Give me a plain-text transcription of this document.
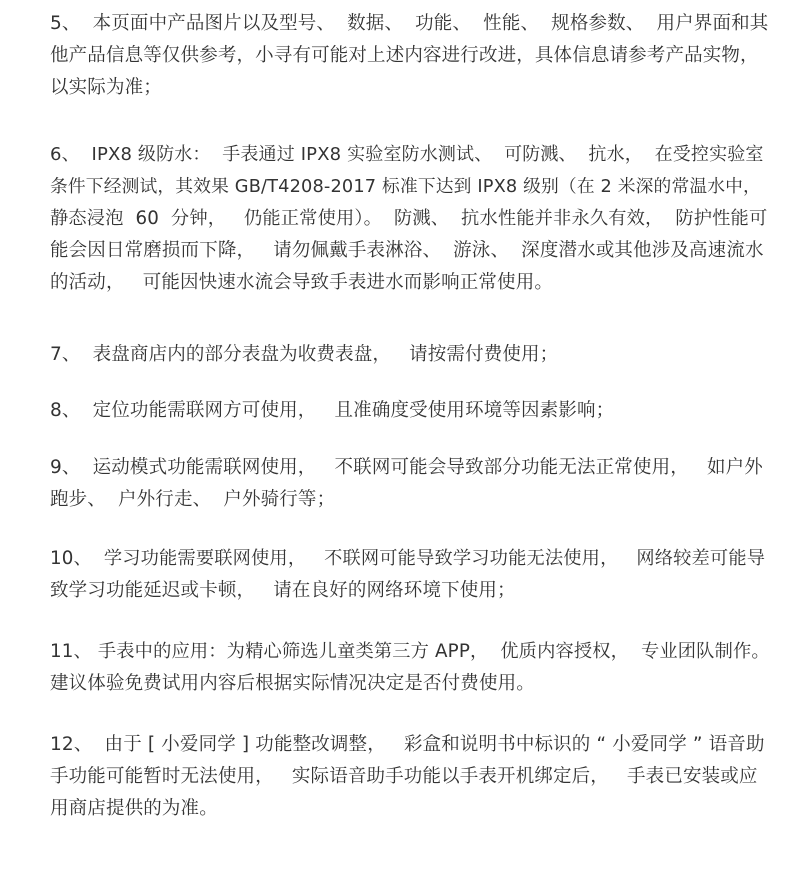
5、  本页面中产品图片以及型号、  数据、  功能、  性能、  规格参数、  用户界面和其
他产品信息等仅供参考，小寻有可能对上述内容进行改进，具体信息请参考产品实物，
以实际为准；
6、  IPX8 级防水：  手表通过 IPX8 实验室防水测试、  可防溅、  抗水，  在受控实验室
条件下经测试，其效果 GB/T4208-2017 标准下达到 IPX8 级别（在 2 米深的常温水中，
静态浸泡  60  分钟，   仍能正常使用）。  防溅、  抗水性能并非永久有效，  防护性能可
能会因日常磨损而下降，   请勿佩戴手表淋浴、  游泳、  深度潜水或其他涉及高速流水
的活动，   可能因快速水流会导致手表进水而影响正常使用。
7、  表盘商店内的部分表盘为收费表盘，   请按需付费使用；
8、  定位功能需联网方可使用，   且准确度受使用环境等因素影响；
9、  运动模式功能需联网使用，   不联网可能会导致部分功能无法正常使用，   如户外
跑步、  户外行走、  户外骑行等；
10、  学习功能需要联网使用，   不联网可能导致学习功能无法使用，   网络较差可能导
致学习功能延迟或卡顿，   请在良好的网络环境下使用；
11、 手表中的应用：为精心筛选儿童类第三方 APP，  优质内容授权，  专业团队制作。
建议体验免费试用内容后根据实际情况决定是否付费使用。
12、  由于 [ 小爱同学 ] 功能整改调整，   彩盒和说明书中标识的 “ 小爱同学 ” 语音助
手功能可能暂时无法使用，   实际语音助手功能以手表开机绑定后，   手表已安装或应
用商店提供的为准。
